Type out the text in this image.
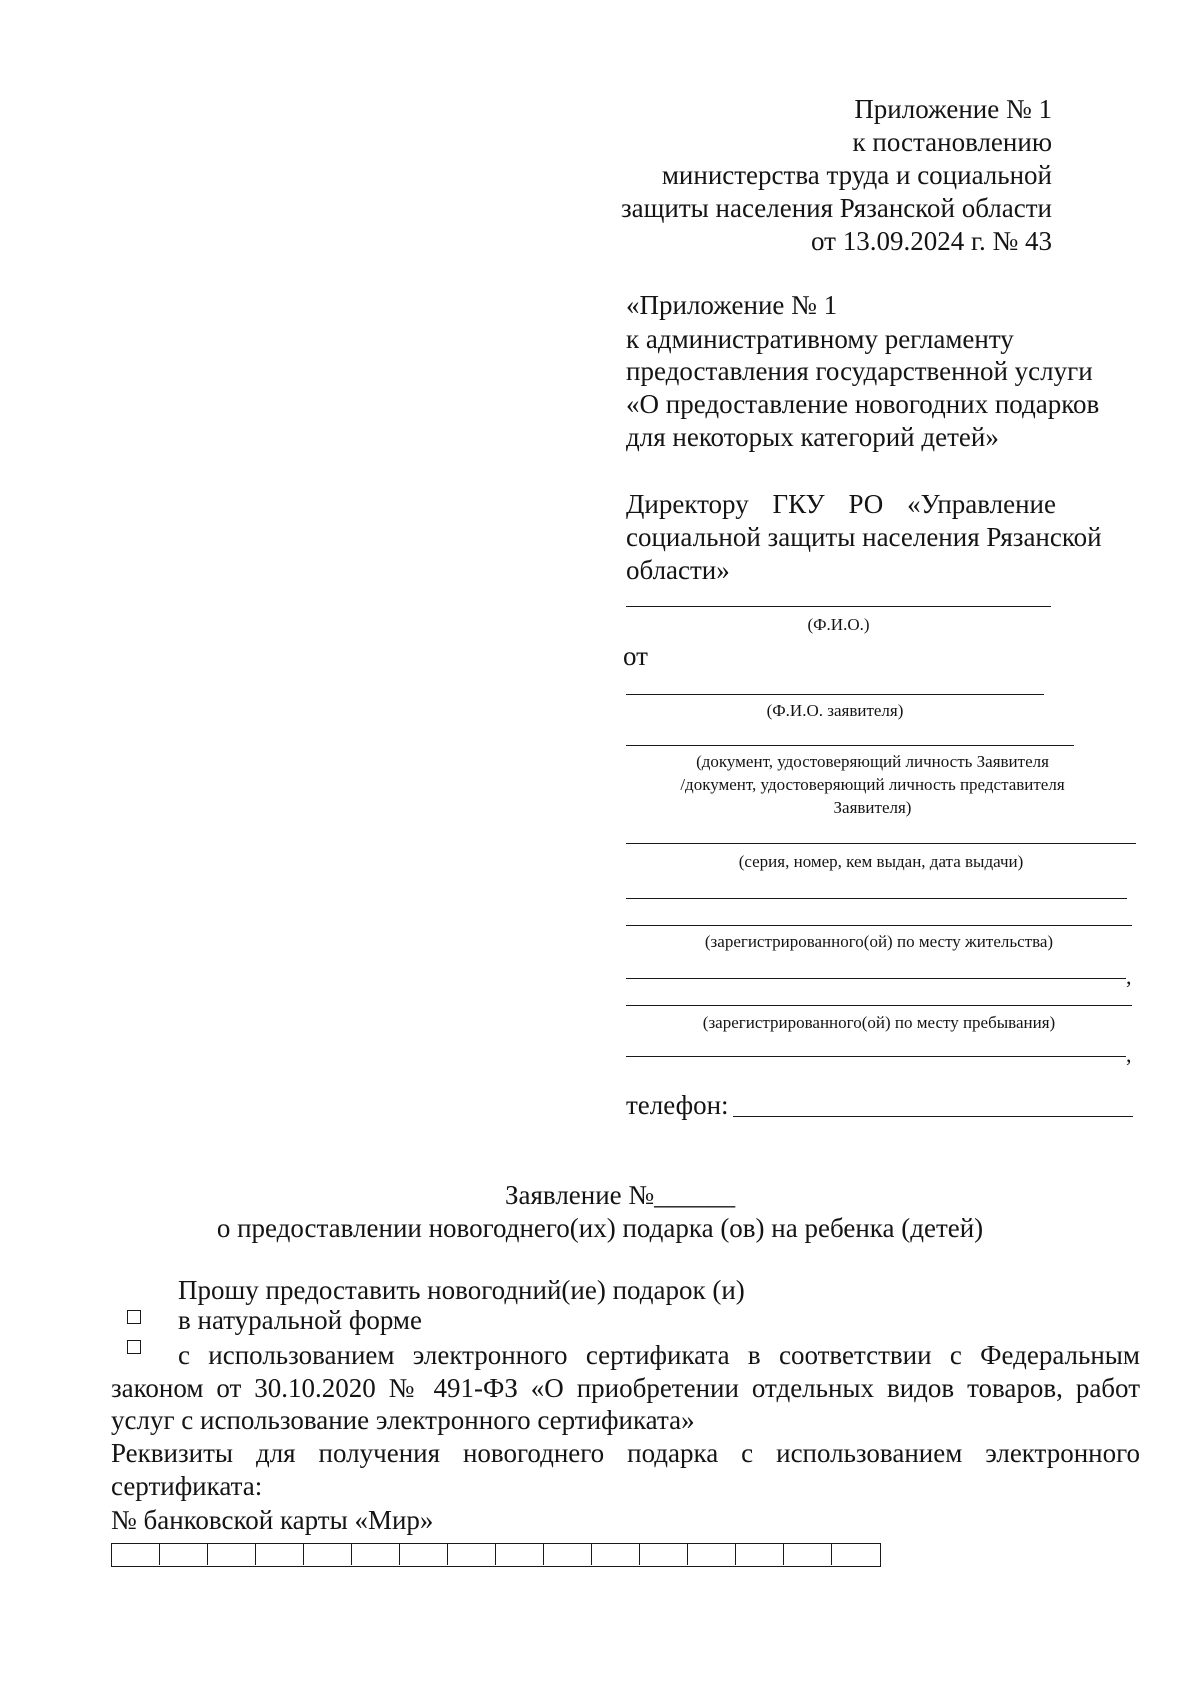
Приложение № 1
к постановлению
министерства труда и социальной
защиты населения Рязанской области
от 13.09.2024 г. № 43
«Приложение № 1
к административному регламенту
предоставления государственной услуги
«О предоставление новогодних подарков
для некоторых категорий детей»
Директору ГКУ РО «Управление
социальной защиты населения Рязанской
области»
(Ф.И.О.)
от
(Ф.И.О. заявителя)
(документ, удостоверяющий личность Заявителя
/документ, удостоверяющий личность представителя
Заявителя)
(серия, номер, кем выдан, дата выдачи)
(зарегистрированного(ой) по месту жительства)
,
(зарегистрированного(ой) по месту пребывания)
,
телефон:
Заявление №______
о предоставлении новогоднего(их) подарка (ов) на ребенка (детей)
Прошу предоставить новогодний(ие) подарок (и)
в натуральной форме
с использованием электронного сертификата в соответствии с Федеральным
законом от 30.10.2020 № 491-ФЗ «О приобретении отдельных видов товаров, работ
услуг с использование электронного сертификата»
Реквизиты для получения новогоднего подарка с использованием электронного
сертификата:
№ банковской карты «Мир»
